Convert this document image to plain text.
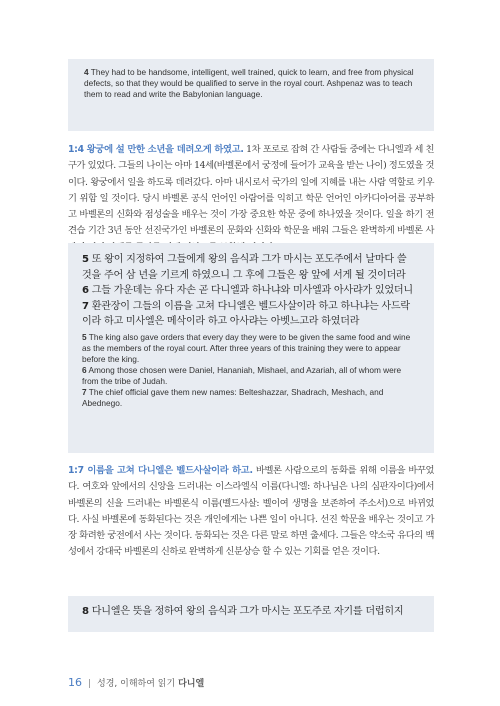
4 They had to be handsome, intelligent, well trained, quick to learn, and free from physical defects, so that they would be qualified to serve in the royal court. Ashpenaz was to teach them to read and write the Babylonian language.
1:4 왕궁에 설 만한 소년을 데려오게 하였고. 1차 포로로 잡혀 간 사람들 중에는 다니엘과 세 친구가 있었다. 그들의 나이는 아마 14세(바벨론에서 궁정에 들어가 교육을 받는 나이) 정도였을 것이다. 왕궁에서 일을 하도록 데려갔다. 아마 내시로서 국가의 일에 지혜를 내는 사람 역할로 키우기 위함 일 것이다. 당시 바벨론 공식 언어인 아람어를 익히고 학문 언어인 아카디아어를 공부하고 바벨론의 신화와 점성술을 배우는 것이 가장 중요한 학문 중에 하나였을 것이다. 일을 하기 전 견습 기간 3년 동안 선진국가인 바벨론의 문화와 신화와 학문을 배워 그들은 완벽하게 바벨론 사
5 또 왕이 지정하여 그들에게 왕의 음식과 그가 마시는 포도주에서 날마다 쓸
것을 주어 삼 년을 기르게 하였으니 그 후에 그들은 왕 앞에 서게 될 것이더라
6 그들 가운데는 유다 자손 곧 다니엘과 하나냐와 미사엘과 아사랴가 있었더니
7 환관장이 그들의 이름을 고쳐 다니엘은 벨드사살이라 하고 하나냐는 사드락
이라 하고 미사엘은 메삭이라 하고 아사랴는 아벳느고라 하였더라
5 The king also gave orders that every day they were to be given the same food and wine as the members of the royal court. After three years of this training they were to appear before the king.
6 Among those chosen were Daniel, Hananiah, Mishael, and Azariah, all of whom were from the tribe of Judah.
7 The chief official gave them new names: Belteshazzar, Shadrach, Meshach, and Abednego.
1:7 이름을 고쳐 다니엘은 벨드사살이라 하고. 바벨론 사람으로의 동화를 위해 이름을 바꾸었다. 여호와 앞에서의 신앙을 드러내는 이스라엘식 이름(다니엘: 하나님은 나의 심판자이다)에서 바벨론의 신을 드러내는 바벨론식 이름(벨드사살: 벨이여 생명을 보존하여 주소서)으로 바뀌었다. 사실 바벨론에 동화된다는 것은 개인에게는 나쁜 일이 아니다. 선진 학문을 배우는 것이고 가장 화려한 궁전에서 사는 것이다. 동화되는 것은 다른 말로 하면 출세다. 그들은 약소국 유다의 백성에서 강대국 바벨론의 신하로 완벽하게 신분상승 할 수 있는 기회를 얻은 것이다.
8 다니엘은 뜻을 정하여 왕의 음식과 그가 마시는 포도주로 자기를 더럽히지
16 | 성경, 이해하여 읽기 다니엘
